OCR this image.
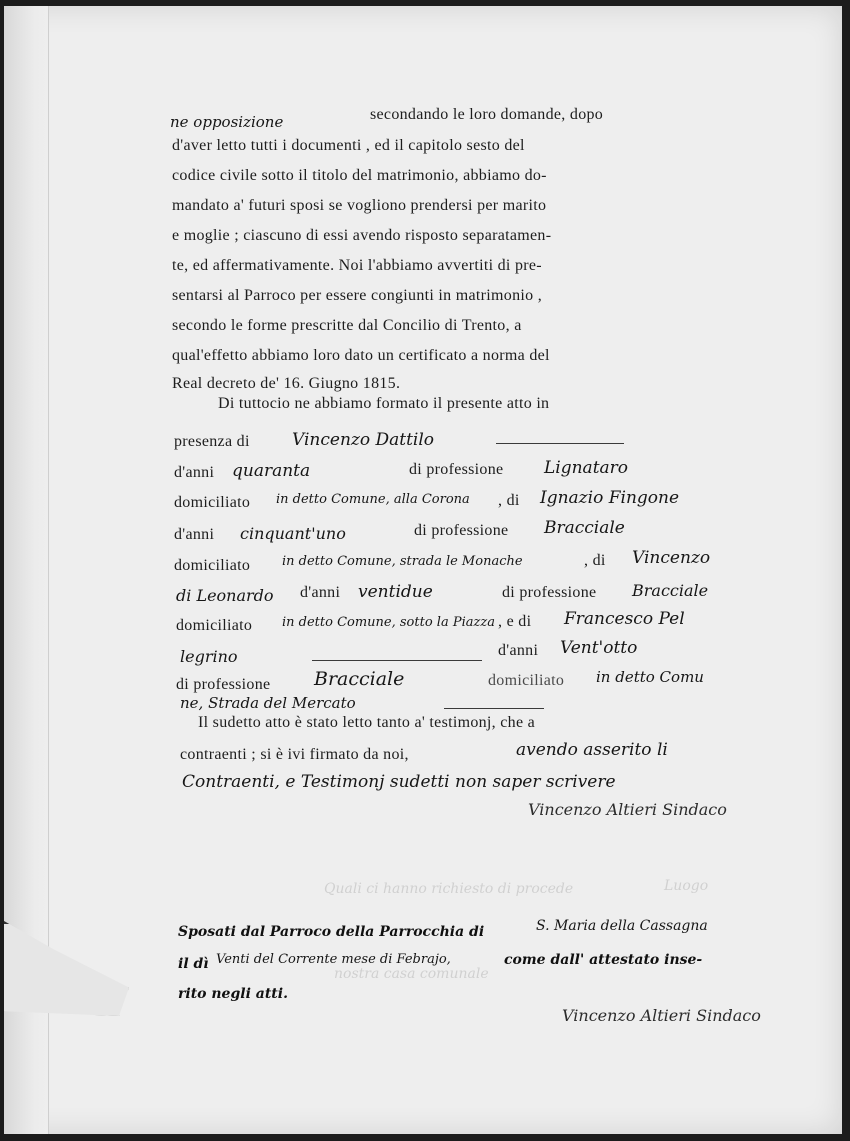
Quali ci hanno richiesto di procede
nostra casa comunale
Luogo
ne opposizione	secondando le loro domande, dopo
d'aver letto tutti i documenti , ed il capitolo sesto del
codice civile sotto il titolo del matrimonio, abbiamo do-
mandato a' futuri sposi se vogliono prendersi per marito
e moglie ; ciascuno di essi avendo risposto separatamen-
te, ed affermativamente. Noi l'abbiamo avvertiti di pre-
sentarsi al Parroco per essere congiunti in matrimonio ,
secondo le forme prescritte dal Concilio di Trento, a
qual'effetto abbiamo loro dato un certificato a norma del
Real decreto de' 16. Giugno 1815.
Di tuttocio ne abbiamo formato il presente atto in
presenza di Vincenzo Dattilo
d'anni quaranta	di professione Lignataro
domiciliato in detto Comune, alla Corona , di Ignazio Fingone
d'anni cinquant'uno	di professione Bracciale
domiciliato in detto Comune, strada le Monache	, di Vincenzo
di Leonardo d'anni ventidue	di professione Bracciale
domiciliato in detto Comune, sotto la Piazza , e di Francesco Pel
legrino	d'anni Vent'otto
di professione Bracciale	domiciliato in detto Comu
ne, Strada del Mercato
Il sudetto atto è stato letto tanto a' testimonj, che a
contraenti ; si è ivi firmato da noi,	avendo asserito li
Contraenti, e Testimonj sudetti non saper scrivere
Vincenzo Altieri Sindaco
Sposati dal Parroco della Parrocchia di	S. Maria della Cassagna
il dì Venti del Corrente mese di Febrajo,	come dall' attestato inse-
rito negli atti.
Vincenzo Altieri Sindaco
